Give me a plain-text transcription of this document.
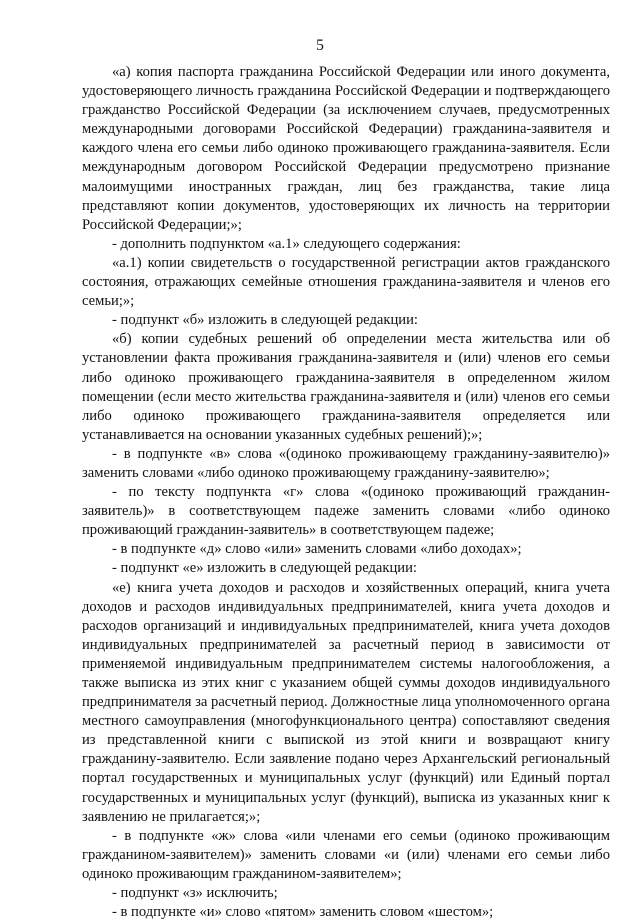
5

«а) копия паспорта гражданина Российской Федерации или иного документа, удостоверяющего личность гражданина Российской Федерации и подтверждающего гражданство Российской Федерации (за исключением случаев, предусмотренных международными договорами Российской Федерации) гражданина-заявителя и каждого члена его семьи либо одиноко проживающего гражданина-заявителя. Если международным договором Российской Федерации предусмотрено признание малоимущими иностранных граждан, лиц без гражданства, такие лица представляют копии документов, удостоверяющих их личность на территории Российской Федерации;»;

- дополнить подпунктом «а.1» следующего содержания:

«а.1) копии свидетельств о государственной регистрации актов гражданского состояния, отражающих семейные отношения гражданина-заявителя и членов его семьи;»;

- подпункт «б» изложить в следующей редакции:

«б) копии судебных решений об определении места жительства или об установлении факта проживания гражданина-заявителя и (или) членов его семьи либо одиноко проживающего гражданина-заявителя в определенном жилом помещении (если место жительства гражданина-заявителя и (или) членов его семьи либо одиноко проживающего гражданина-заявителя определяется или устанавливается на основании указанных судебных решений);»;

- в подпункте «в» слова «(одиноко проживающему гражданину-заявителю)» заменить словами «либо одиноко проживающему гражданину-заявителю»;

- по тексту подпункта «г» слова «(одиноко проживающий гражданин-заявитель)» в соответствующем падеже заменить словами «либо одиноко проживающий гражданин-заявитель» в соответствующем падеже;

- в подпункте «д» слово «или» заменить словами «либо доходах»;

- подпункт «е» изложить в следующей редакции:

«е) книга учета доходов и расходов и хозяйственных операций, книга учета доходов и расходов индивидуальных предпринимателей, книга учета доходов и расходов организаций и индивидуальных предпринимателей, книга учета доходов индивидуальных предпринимателей за расчетный период в зависимости от применяемой индивидуальным предпринимателем системы налогообложения, а также выписка из этих книг с указанием общей суммы доходов индивидуального предпринимателя за расчетный период. Должностные лица уполномоченного органа местного самоуправления (многофункционального центра) сопоставляют сведения из представленной книги с выпиской из этой книги и возвращают книгу гражданину-заявителю. Если заявление подано через Архангельский региональный портал государственных и муниципальных услуг (функций) или Единый портал государственных и муниципальных услуг (функций), выписка из указанных книг к заявлению не прилагается;»;

- в подпункте «ж» слова «или членами его семьи (одиноко проживающим гражданином-заявителем)» заменить словами «и (или) членами его семьи либо одиноко проживающим гражданином-заявителем»;

- подпункт «з» исключить;

- в подпункте «и» слово «пятом» заменить словом «шестом»;
